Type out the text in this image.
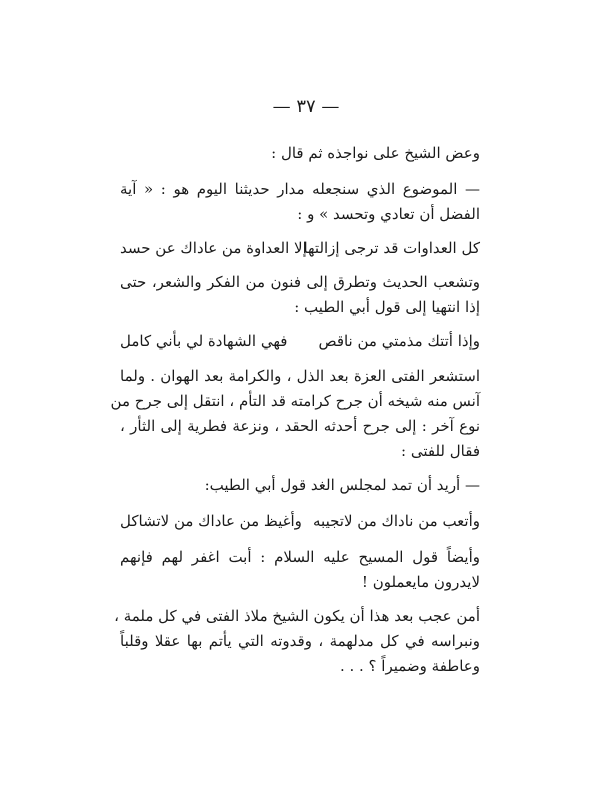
— ٣٧ —
وعض الشيخ على نواجذه ثم قال :
— الموضوع الذي سنجعله مدار حديثنا اليوم هو : « آية
الفضل أن تعادي وتحسد » و :
كل العداوات قد ترجى إزالتها
إلا العداوة من عاداك عن حسد
وتشعب الحديث وتطرق إلى فنون من الفكر والشعر، حتى
إذا انتهيا إلى قول أبي الطيب :
وإذا أتتك مذمتي من ناقص
فهي الشهادة لي بأني كامل
استشعر الفتى العزة بعد الذل ، والكرامة بعد الهوان . ولما
آنس منه شيخه أن جرح كرامته قد التأم ، انتقل إلى جرح من
نوع آخر : إلى جرح أحدثه الحقد ، ونزعة فطرية إلى الثأر ،
فقال للفتى :
— أريد أن تمد لمجلس الغد قول أبي الطيب:
وأتعب من ناداك من لاتجيبه
وأغيظ من عاداك من لاتشاكل
وأيضاً قول المسيح عليه السلام : أبت اغفر لهم فإنهم
لايدرون مايعملون !
أمن عجب بعد هذا أن يكون الشيخ ملاذ الفتى في كل ملمة ،
ونبراسه في كل مدلهمة ، وقدوته التي يأتم بها عقلا وقلباً
وعاطفة وضميراً ؟ . . .
